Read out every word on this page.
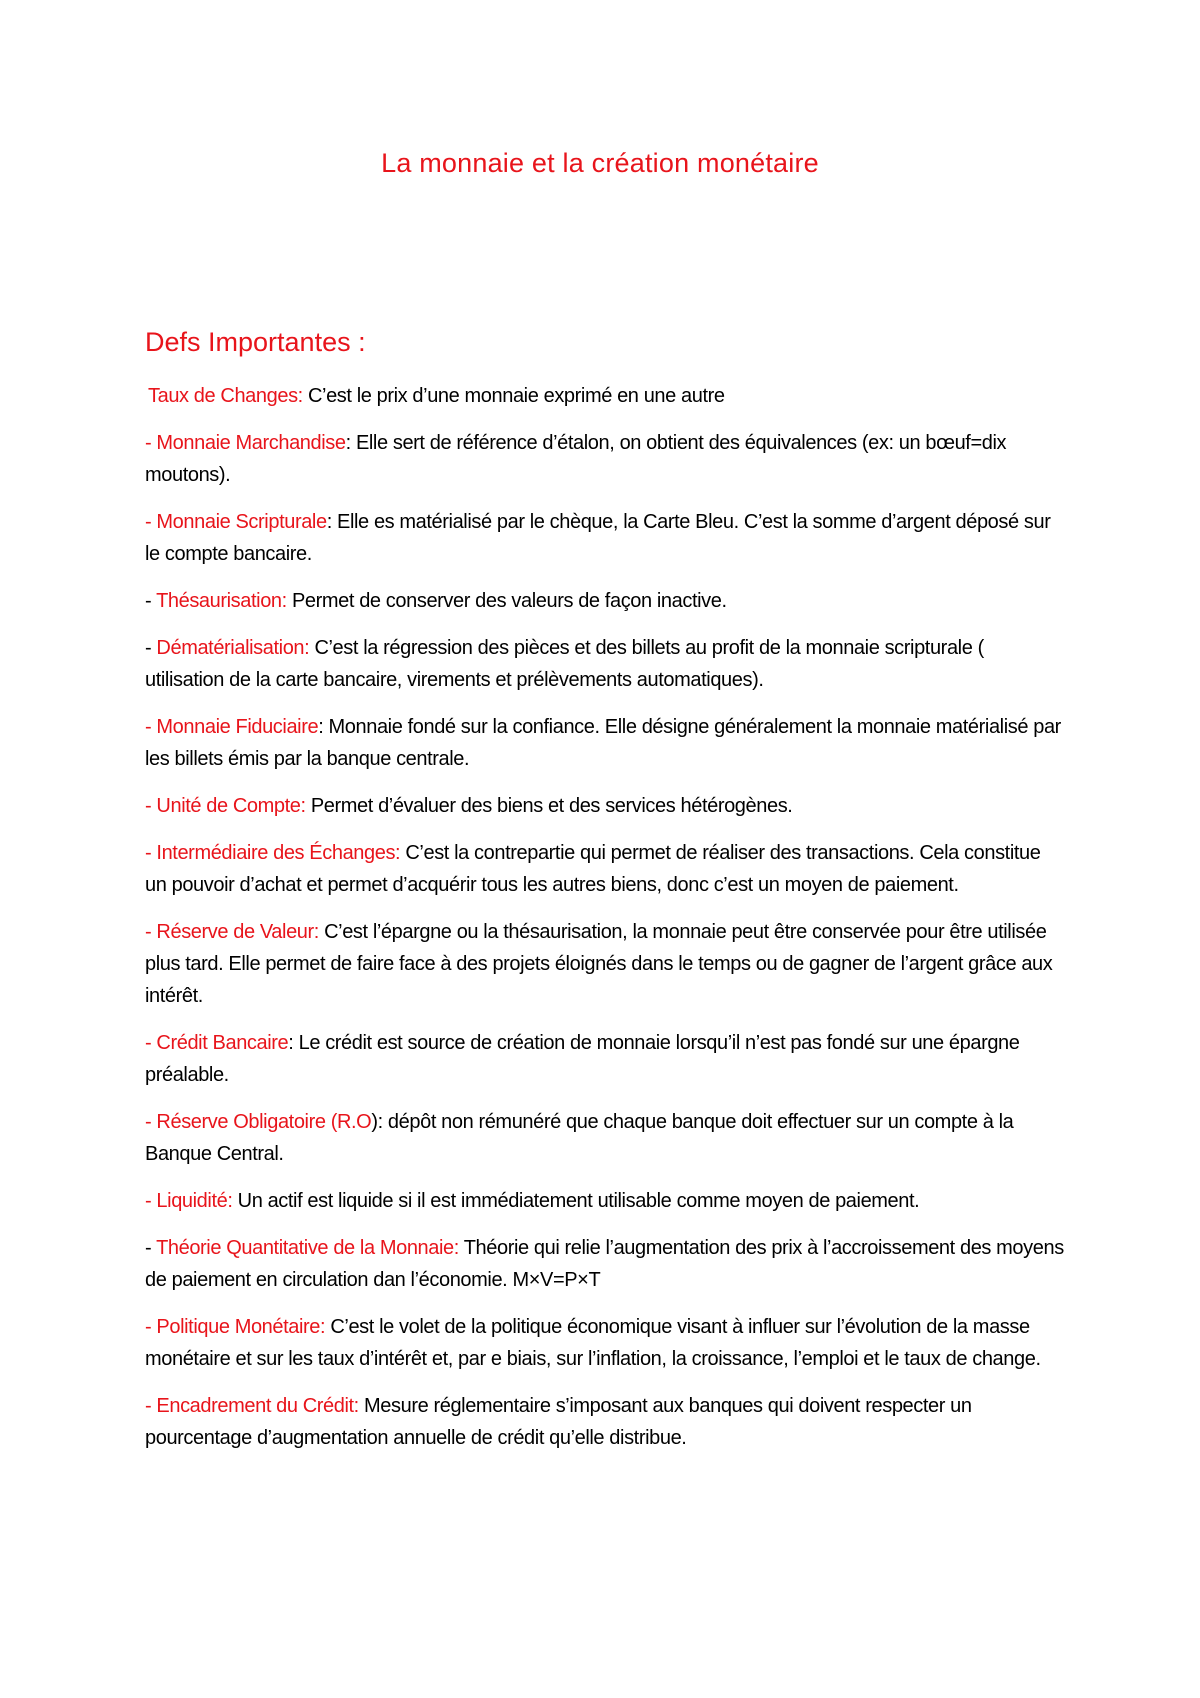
La monnaie et la création monétaire
Defs Importantes :

Taux de Changes: C’est le prix d’une monnaie exprimé en une autre

- Monnaie Marchandise: Elle sert de référence d’étalon, on obtient des équivalences (ex: un bœuf=dix moutons).

- Monnaie Scripturale: Elle es matérialisé par le chèque, la Carte Bleu. C’est la somme d’argent déposé sur le compte bancaire.

- Thésaurisation: Permet de conserver des valeurs de façon inactive.

- Dématérialisation: C’est la régression des pièces et des billets au profit de la monnaie scripturale ( utilisation de la carte bancaire, virements et prélèvements automatiques).

- Monnaie Fiduciaire: Monnaie fondé sur la confiance. Elle désigne généralement la monnaie matérialisé par les billets émis par la banque centrale.

- Unité de Compte: Permet d’évaluer des biens et des services hétérogènes.

- Intermédiaire des Échanges: C’est la contrepartie qui permet de réaliser des transactions. Cela constitue un pouvoir d’achat et permet d’acquérir tous les autres biens, donc c’est un moyen de paiement.

- Réserve de Valeur: C’est l’épargne ou la thésaurisation, la monnaie peut être conservée pour être utilisée plus tard. Elle permet de faire face à des projets éloignés dans le temps ou de gagner de l’argent grâce aux intérêt.

- Crédit Bancaire: Le crédit est source de création de monnaie lorsqu’il n’est pas fondé sur une épargne préalable.

- Réserve Obligatoire (R.O): dépôt non rémunéré que chaque banque doit effectuer sur un compte à la Banque Central.

- Liquidité: Un actif est liquide si il est immédiatement utilisable comme moyen de paiement.

- Théorie Quantitative de la Monnaie: Théorie qui relie l’augmentation des prix à l’accroissement des moyens de paiement en circulation dan l’économie. M×V=P×T

- Politique Monétaire: C’est le volet de la politique économique visant à influer sur l’évolution de la masse monétaire et sur les taux d’intérêt et, par e biais, sur l’inflation, la croissance, l’emploi et le taux de change.

- Encadrement du Crédit: Mesure réglementaire s’imposant aux banques qui doivent respecter un pourcentage d’augmentation annuelle de crédit qu’elle distribue.
